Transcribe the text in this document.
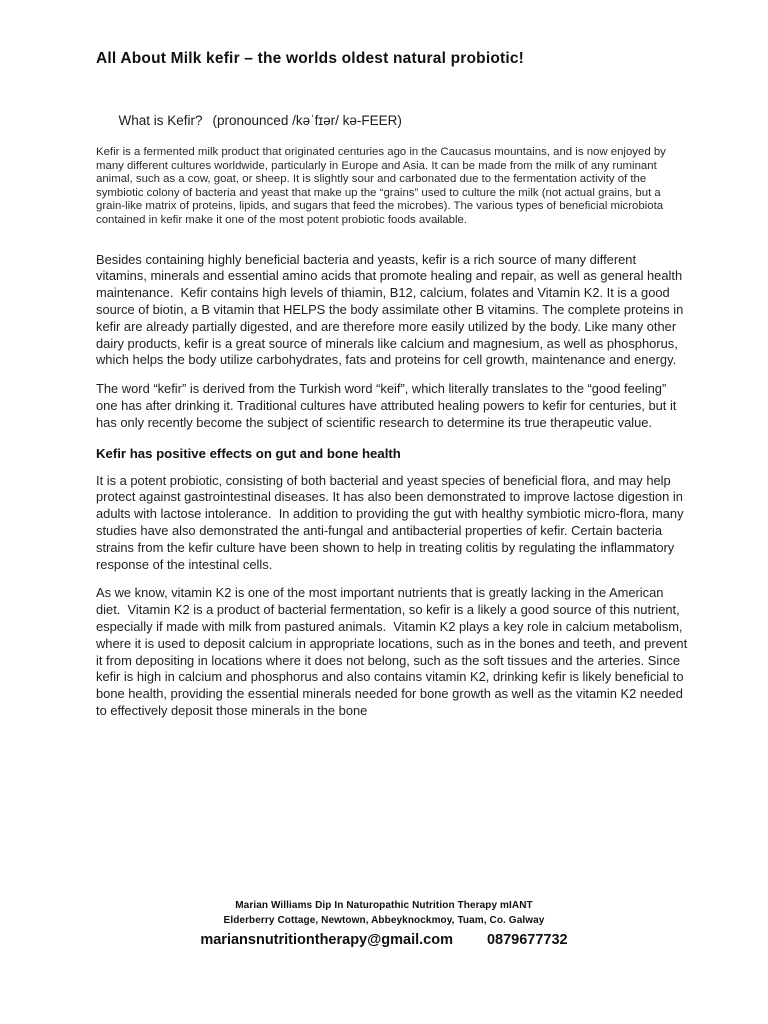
All About Milk kefir – the worlds oldest natural probiotic!

What is Kefir? (pronounced /kəˈfɪər/ kə-FEER)

Kefir is a fermented milk product that originated centuries ago in the Caucasus mountains, and is now enjoyed by many different cultures worldwide, particularly in Europe and Asia. It can be made from the milk of any ruminant animal, such as a cow, goat, or sheep. It is slightly sour and carbonated due to the fermentation activity of the symbiotic colony of bacteria and yeast that make up the “grains” used to culture the milk (not actual grains, but a grain-like matrix of proteins, lipids, and sugars that feed the microbes). The various types of beneficial microbiota contained in kefir make it one of the most potent probiotic foods available.

Besides containing highly beneficial bacteria and yeasts, kefir is a rich source of many different vitamins, minerals and essential amino acids that promote healing and repair, as well as general health maintenance.  Kefir contains high levels of thiamin, B12, calcium, folates and Vitamin K2. It is a good source of biotin, a B vitamin that HELPS the body assimilate other B vitamins. The complete proteins in kefir are already partially digested, and are therefore more easily utilized by the body. Like many other dairy products, kefir is a great source of minerals like calcium and magnesium, as well as phosphorus, which helps the body utilize carbohydrates, fats and proteins for cell growth, maintenance and energy.

The word “kefir” is derived from the Turkish word “keif”, which literally translates to the “good feeling” one has after drinking it. Traditional cultures have attributed healing powers to kefir for centuries, but it has only recently become the subject of scientific research to determine its true therapeutic value.

Kefir has positive effects on gut and bone health

It is a potent probiotic, consisting of both bacterial and yeast species of beneficial flora, and may help protect against gastrointestinal diseases. It has also been demonstrated to improve lactose digestion in adults with lactose intolerance.  In addition to providing the gut with healthy symbiotic micro-flora, many studies have also demonstrated the anti-fungal and antibacterial properties of kefir. Certain bacteria strains from the kefir culture have been shown to help in treating colitis by regulating the inflammatory response of the intestinal cells.

As we know, vitamin K2 is one of the most important nutrients that is greatly lacking in the American diet.  Vitamin K2 is a product of bacterial fermentation, so kefir is a likely a good source of this nutrient, especially if made with milk from pastured animals.  Vitamin K2 plays a key role in calcium metabolism, where it is used to deposit calcium in appropriate locations, such as in the bones and teeth, and prevent it from depositing in locations where it does not belong, such as the soft tissues and the arteries. Since kefir is high in calcium and phosphorus and also contains vitamin K2, drinking kefir is likely beneficial to bone health, providing the essential minerals needed for bone growth as well as the vitamin K2 needed to effectively deposit those minerals in the bone

Marian Williams Dip In Naturopathic Nutrition Therapy mIANT
Elderberry Cottage, Newtown, Abbeyknockmoy, Tuam, Co. Galway
mariansnutritiontherapy@gmail.com 0879677732
